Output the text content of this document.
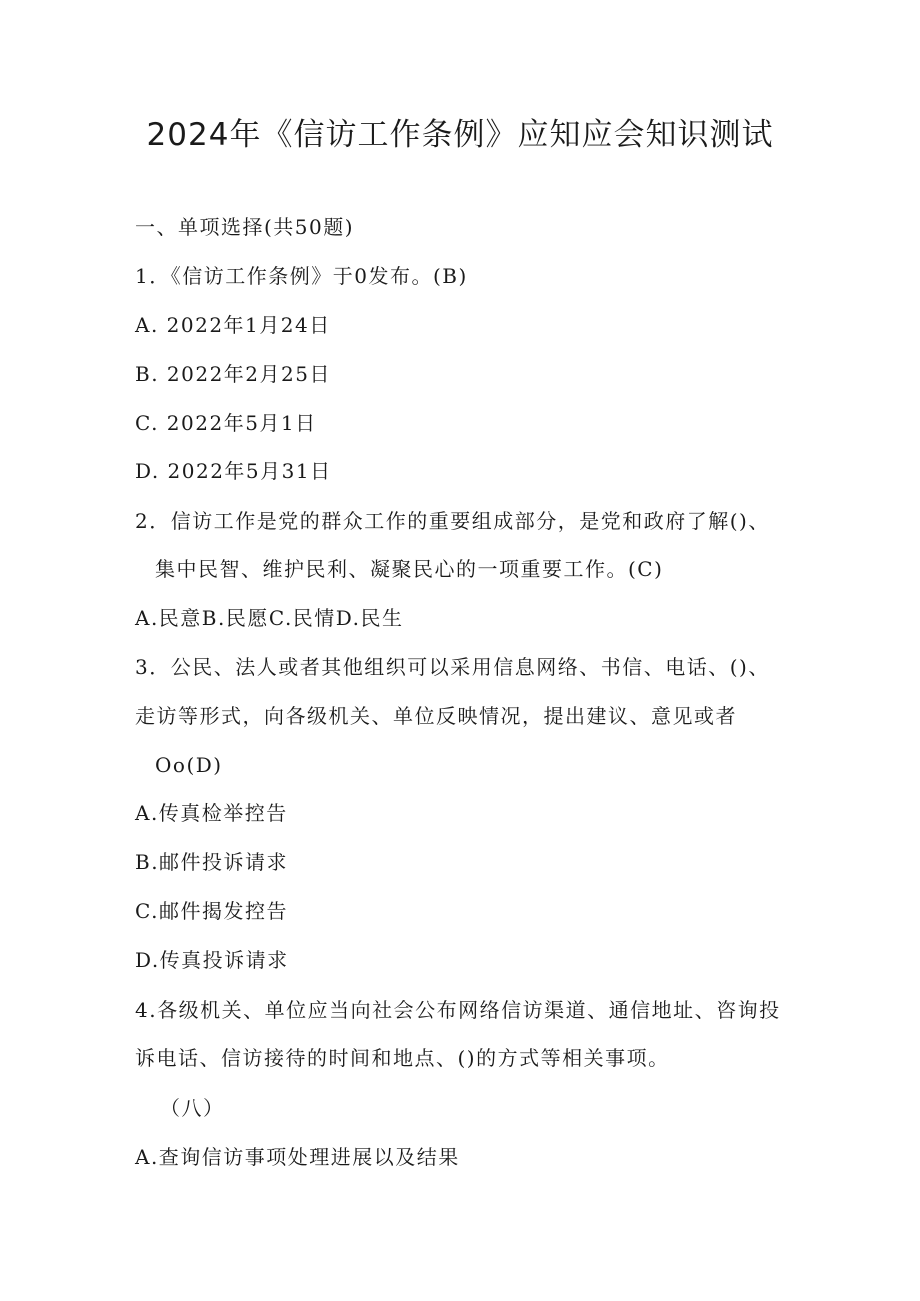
2024年《信访工作条例》应知应会知识测试
一、单项选择(共50题)
1．《信访工作条例》于0发布。(B)
A. 2022年1月24日
B. 2022年2月25日
C. 2022年5月1日
D. 2022年5月31日
2．信访工作是党的群众工作的重要组成部分，是党和政府了解()、
集中民智、维护民利、凝聚民心的一项重要工作。(C)
A.民意B.民愿C.民情D.民生
3．公民、法人或者其他组织可以采用信息网络、书信、电话、()、
走访等形式，向各级机关、单位反映情况，提出建议、意见或者
Oo(D)
A.传真检举控告
B.邮件投诉请求
C.邮件揭发控告
D.传真投诉请求
4.各级机关、单位应当向社会公布网络信访渠道、通信地址、咨询投
诉电话、信访接待的时间和地点、()的方式等相关事项。
（八）
A.查询信访事项处理进展以及结果
